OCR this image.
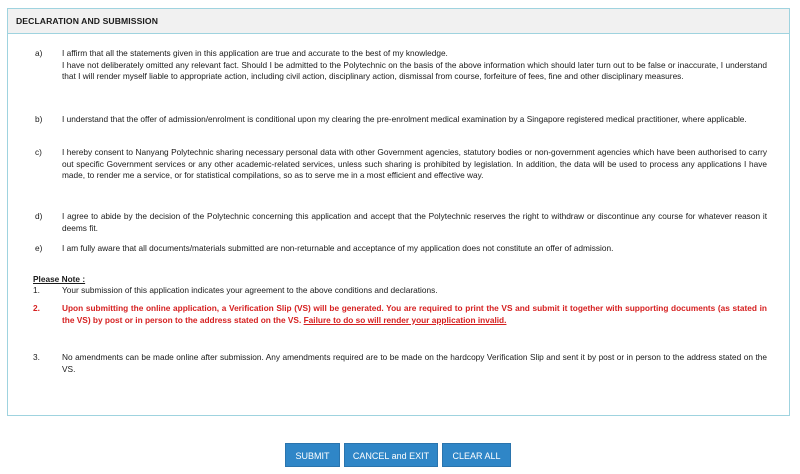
DECLARATION AND SUBMISSION
a) I affirm that all the statements given in this application are true and accurate to the best of my knowledge.

I have not deliberately omitted any relevant fact. Should I be admitted to the Polytechnic on the basis of the above information which should later turn out to be false or inaccurate, I understand that I will render myself liable to appropriate action, including civil action, disciplinary action, dismissal from course, forfeiture of fees, fine and other disciplinary measures.

b) I understand that the offer of admission/enrolment is conditional upon my clearing the pre-enrolment medical examination by a Singapore registered medical practitioner, where applicable.

c) I hereby consent to Nanyang Polytechnic sharing necessary personal data with other Government agencies, statutory bodies or non-government agencies which have been authorised to carry out specific Government services or any other academic-related services, unless such sharing is prohibited by legislation. In addition, the data will be used to process any applications I have made, to render me a service, or for statistical compilations, so as to serve me in a most efficient and effective way.

d) I agree to abide by the decision of the Polytechnic concerning this application and accept that the Polytechnic reserves the right to withdraw or discontinue any course for whatever reason it deems fit.

e) I am fully aware that all documents/materials submitted are non-returnable and acceptance of my application does not constitute an offer of admission.

Please Note :
1.	Your submission of this application indicates your agreement to the above conditions and declarations.
2.	Upon submitting the online application, a Verification Slip (VS) will be generated. You are required to print the VS and submit it together with supporting documents (as stated in the VS) by post or in person to the address stated on the VS. Failure to do so will render your application invalid.
3.	No amendments can be made online after submission. Any amendments required are to be made on the hardcopy Verification Slip and sent it by post or in person to the address stated on the VS.
SUBMIT	CANCEL and EXIT	CLEAR ALL
